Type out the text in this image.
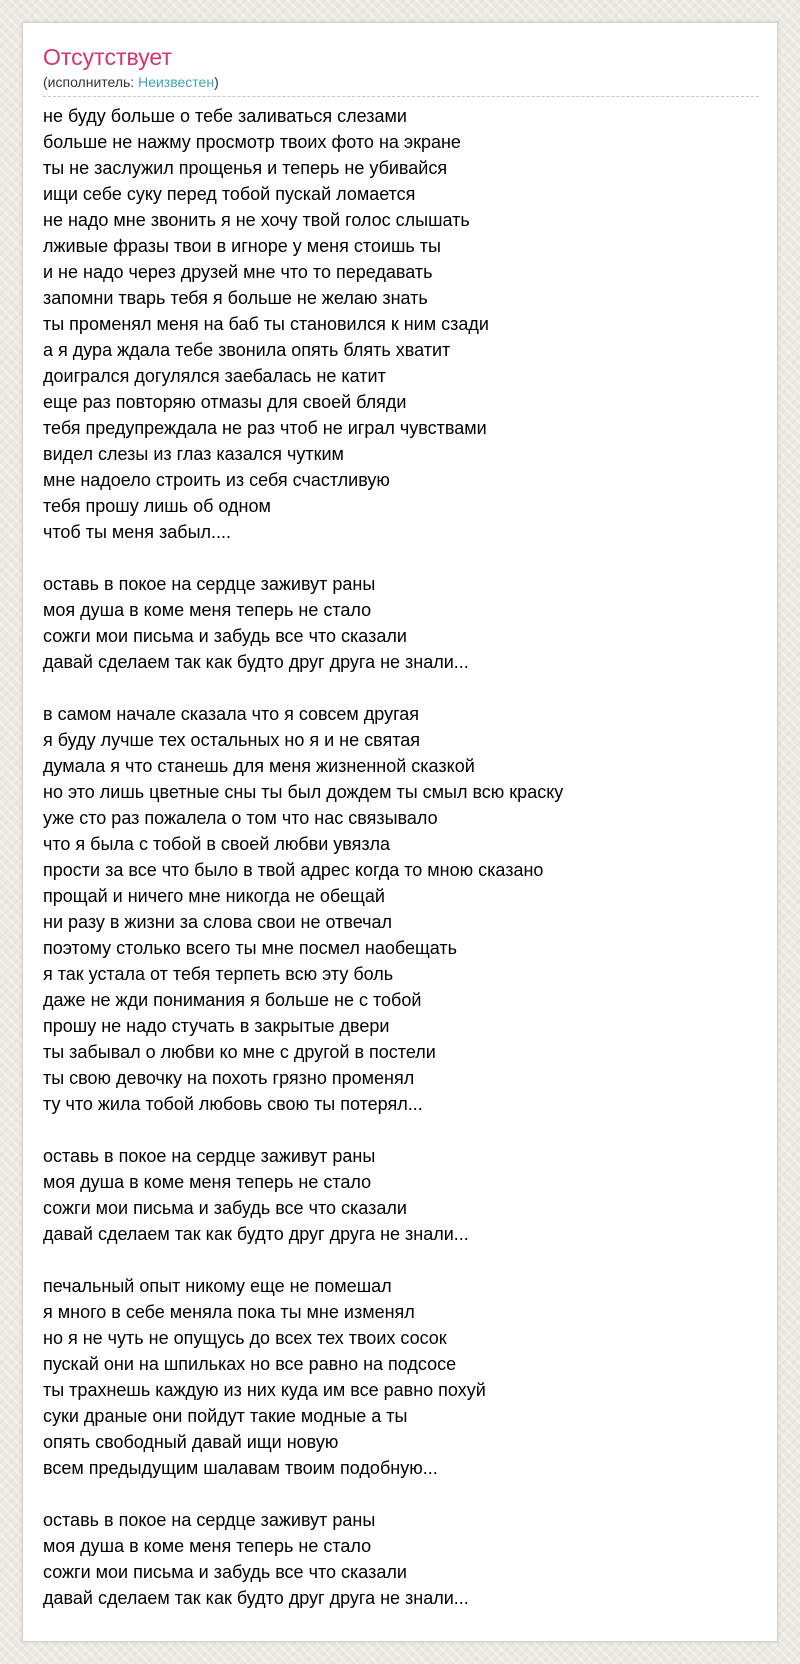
Отсутствует
(исполнитель: Неизвестен)
не буду больше о тебе заливаться слезами
больше не нажму просмотр твоих фото на экране
ты не заслужил прощенья и теперь не убивайся
ищи себе суку перед тобой пускай ломается
не надо мне звонить я не хочу твой голос слышать
лживые фразы твои в игноре у меня стоишь ты
и не надо через друзей мне что то передавать
запомни тварь тебя я больше не желаю знать
ты променял меня на баб ты становился к ним сзади
а я дура ждала тебе звонила опять блять хватит
доигрался догулялся заебалась не катит
еще раз повторяю отмазы для своей бляди
тебя предупреждала не раз чтоб не играл чувствами
видел слезы из глаз казался чутким
мне надоело строить из себя счастливую
тебя прошу лишь об одном
чтоб ты меня забыл....
оставь в покое на сердце заживут раны
моя душа в коме меня теперь не стало
сожги мои письма и забудь все что сказали
давай сделаем так как будто друг друга не знали...
в самом начале сказала что я совсем другая
я буду лучше тех остальных но я и не святая
думала я что станешь для меня жизненной сказкой
но это лишь цветные сны ты был дождем ты смыл всю краску
уже сто раз пожалела о том что нас связывало
что я была с тобой в своей любви увязла
прости за все что было в твой адрес когда то мною сказано
прощай и ничего мне никогда не обещай
ни разу в жизни за слова свои не отвечал
поэтому столько всего ты мне посмел наобещать
я так устала от тебя терпеть всю эту боль
даже не жди понимания я больше не с тобой
прошу не надо стучать в закрытые двери
ты забывал о любви ко мне с другой в постели
ты свою девочку на похоть грязно променял
ту что жила тобой любовь свою ты потерял...
оставь в покое на сердце заживут раны
моя душа в коме меня теперь не стало
сожги мои письма и забудь все что сказали
давай сделаем так как будто друг друга не знали...
печальный опыт никому еще не помешал
я много в себе меняла пока ты мне изменял
но я не чуть не опущусь до всех тех твоих сосок
пускай они на шпильках но все равно на подсосе
ты трахнешь каждую из них куда им все равно похуй
суки драные они пойдут такие модные а ты
опять свободный давай ищи новую
всем предыдущим шалавам твоим подобную...
оставь в покое на сердце заживут раны
моя душа в коме меня теперь не стало
сожги мои письма и забудь все что сказали
давай сделаем так как будто друг друга не знали...
